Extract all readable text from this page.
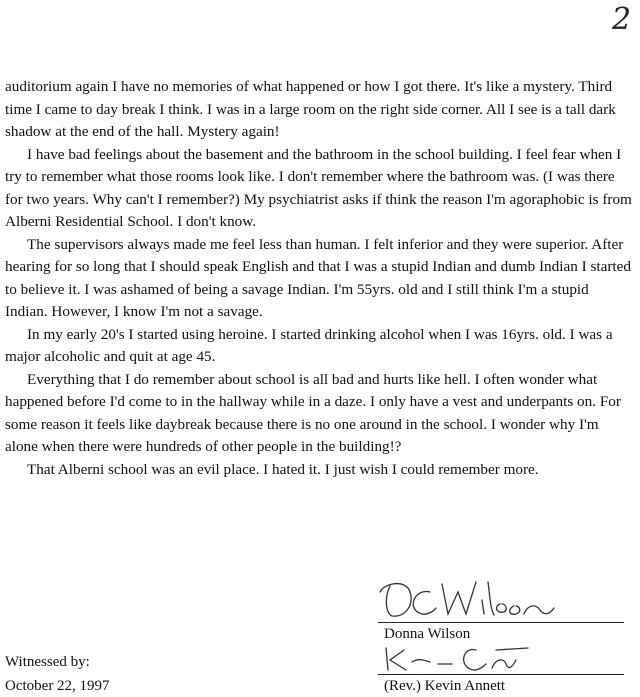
2

auditorium again I have no memories of what happened or how I got there. It's like a mystery. Third time I came to day break I think. I was in a large room on the right side corner. All I see is a tall dark shadow at the end of the hall. Mystery again!

I have bad feelings about the basement and the bathroom in the school building. I feel fear when I try to remember what those rooms look like. I don't remember where the bathroom was. (I was there for two years. Why can't I remember?) My psychiatrist asks if think the reason I'm agoraphobic is from Alberni Residential School. I don't know.

The supervisors always made me feel less than human. I felt inferior and they were superior. After hearing for so long that I should speak English and that I was a stupid Indian and dumb Indian I started to believe it. I was ashamed of being a savage Indian. I'm 55yrs. old and I still think I'm a stupid Indian. However, I know I'm not a savage.

In my early 20's I started using heroine. I started drinking alcohol when I was 16yrs. old. I was a major alcoholic and quit at age 45.

Everything that I do remember about school is all bad and hurts like hell. I often wonder what happened before I'd come to in the hallway while in a daze. I only have a vest and underpants on. For some reason it feels like daybreak because there is no one around in the school. I wonder why I'm alone when there were hundreds of other people in the building!?

That Alberni school was an evil place. I hated it. I just wish I could remember more.

Donna Wilson
Witnessed by:
October 22, 1997	(Rev.) Kevin Annett
